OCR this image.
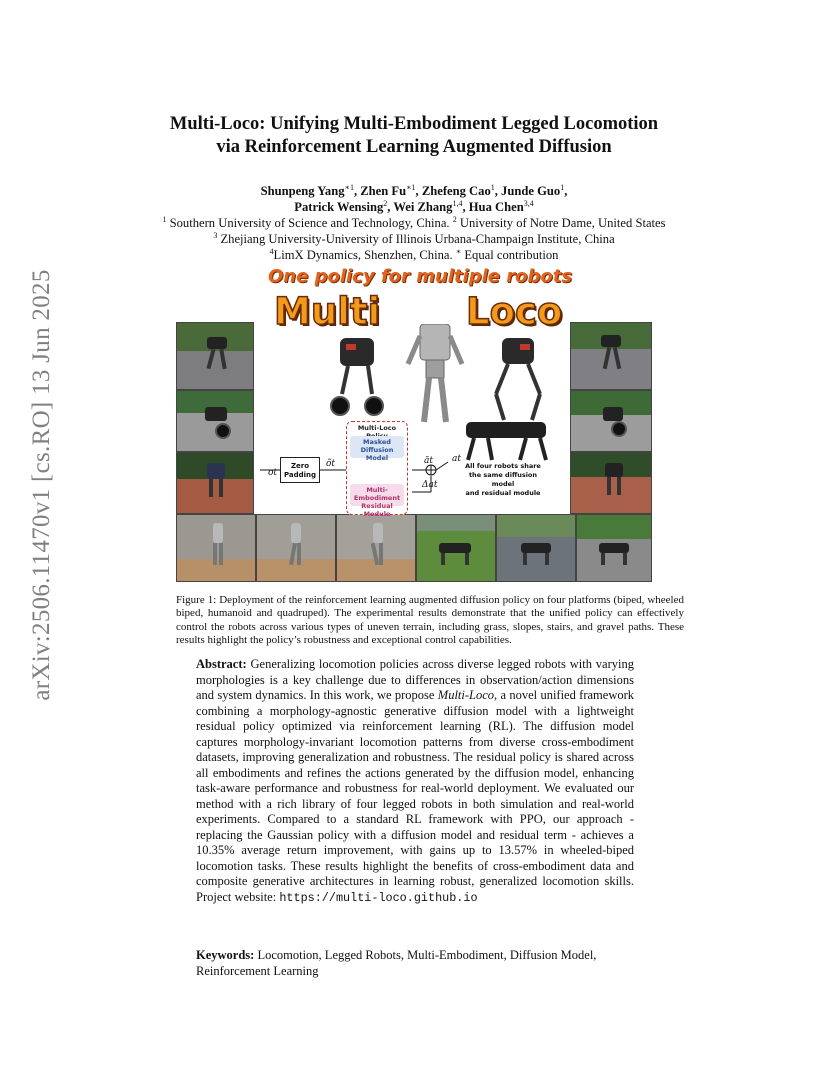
arXiv:2506.11470v1 [cs.RO] 13 Jun 2025
Multi-Loco: Unifying Multi-Embodiment Legged Locomotion
via Reinforcement Learning Augmented Diffusion
Shunpeng Yang$^{∗1}$, Zhen $Fu^{∗1}$, Zhefeng Cao$^1$, Junde Guo$^1$,
Patrick Wensing$^2$, Wei Zhang$^{1,4}$, Hua Chen$^{3,4}$
$^1$ Southern University of Science and Technology, China. $^2$ University of Notre Dame, United States
$^3$ Zhejiang University-University of Illinois Urbana-Champaign Institute, China
$^4$LimX Dynamics, Shenzhen, China. ∗ Equal contribution
One policy for multiple robots
Multi Loco
Zero
Padding
ot
õt
Multi-Loco
Masked
Diffusion Model
Multi-Embodiment
Residual Module
ăt at
Δat
All four robots share
the same diffusion model
and residual module
Figure 1: Deployment of the reinforcement learning augmented diffusion policy on four platforms (biped, wheeled biped, humanoid and quadruped). The experimental results demonstrate that the unified policy can effectively control the robots across various types of uneven terrain, including grass, slopes, stairs, and gravel paths. These results highlight the policy’s robustness and exceptional control capabilities.
Abstract: Generalizing locomotion policies across diverse legged robots with varying morphologies is a key challenge due to differences in observation/action dimensions and system dynamics. In this work, we propose Multi-Loco, a novel unified framework combining a morphology-agnostic generative diffusion model with a lightweight residual policy optimized via reinforcement learning (RL). The diffusion model captures morphology-invariant locomotion patterns from diverse cross-embodiment datasets, improving generalization and robustness. The residual policy is shared across all embodiments and refines the actions generated by the diffusion model, enhancing task-aware performance and robustness for real-world deployment. We evaluated our method with a rich library of four legged robots in both simulation and real-world experiments. Compared to a standard RL framework with PPO, our approach - replacing the Gaussian policy with a diffusion model and residual term - achieves a 10.35% average return improvement, with gains up to 13.57% in wheeled-biped locomotion tasks. These results highlight the benefits of cross-embodiment data and composite generative architectures in learning robust, generalized locomotion skills. Project website: https://multi-loco.github.io
Keywords: Locomotion, Legged Robots, Multi-Embodiment, Diffusion Model, Reinforcement Learning
